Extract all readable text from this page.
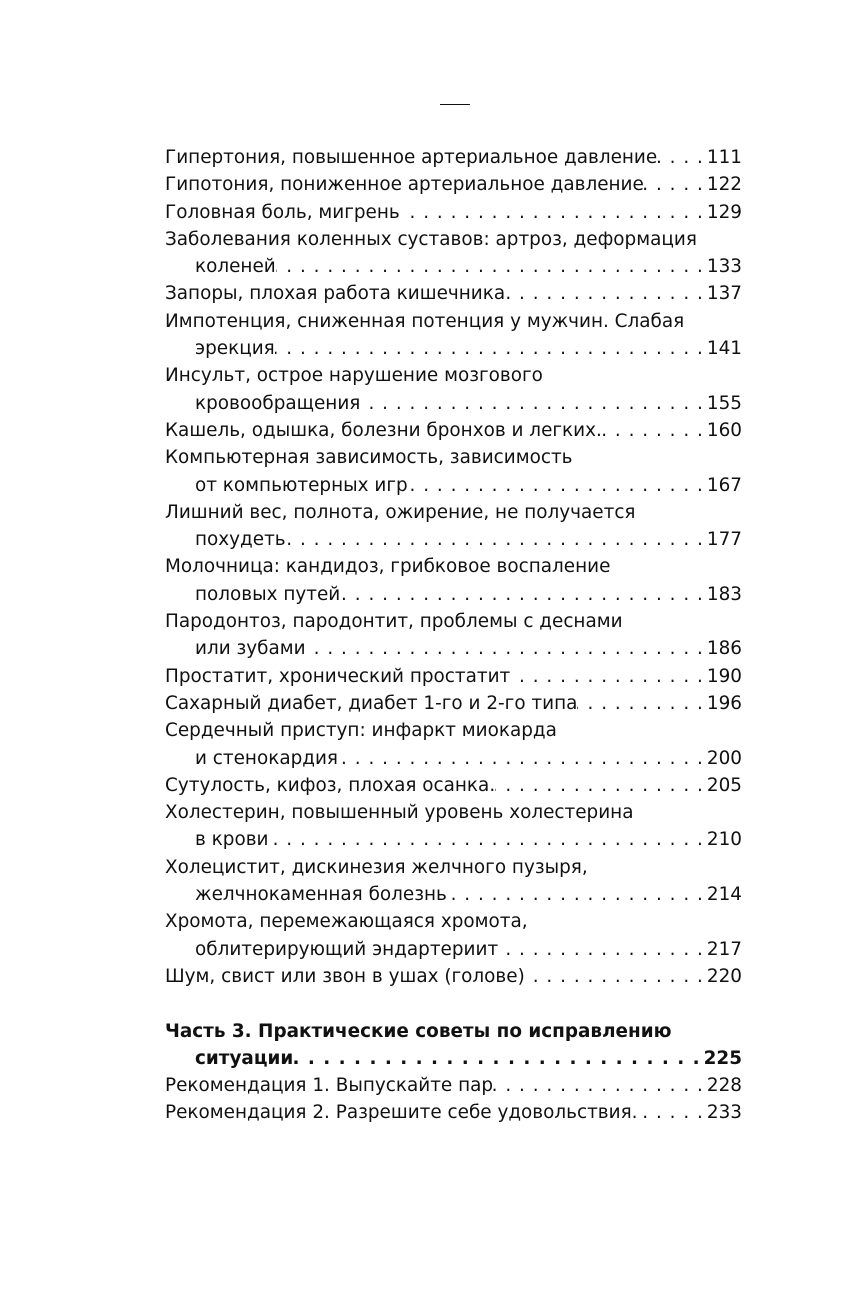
Гипертония, повышенное артериальное давление . . .	111
Гипотония, пониженное артериальное давление . . .	122
Головная боль, мигрень . . .	129
Заболевания коленных суставов: артроз, деформация
коленей . . .	133
Запоры, плохая работа кишечника . . .	137
Импотенция, сниженная потенция у мужчин. Слабая
эрекция . . .	141
Инсульт, острое нарушение мозгового
кровообращения . . .	155
Кашель, одышка, болезни бронхов и легких. . . .	160
Компьютерная зависимость, зависимость
от компьютерных игр . . .	167
Лишний вес, полнота, ожирение, не получается
похудеть . . .	177
Молочница: кандидоз, грибковое воспаление
половых путей . . .	183
Пародонтоз, пародонтит, проблемы с деснами
или зубами . . .	186
Простатит, хронический простатит . . .	190
Сахарный диабет, диабет 1-го и 2-го типа . . .	196
Сердечный приступ: инфаркт миокарда
и стенокардия . . .	200
Сутулость, кифоз, плохая осанка. . . .	205
Холестерин, повышенный уровень холестерина
в крови . . .	210
Холецистит, дискинезия желчного пузыря,
желчнокаменная болезнь . . .	214
Хромота, перемежающаяся хромота,
облитерирующий эндартериит . . .	217
Шум, свист или звон в ушах (голове) . . .	220
Часть 3. Практические советы по исправлению
ситуации . . .	225
Рекомендация 1. Выпускайте пар . . .	228
Рекомендация 2. Разрешите себе удовольствия. . . .	233
